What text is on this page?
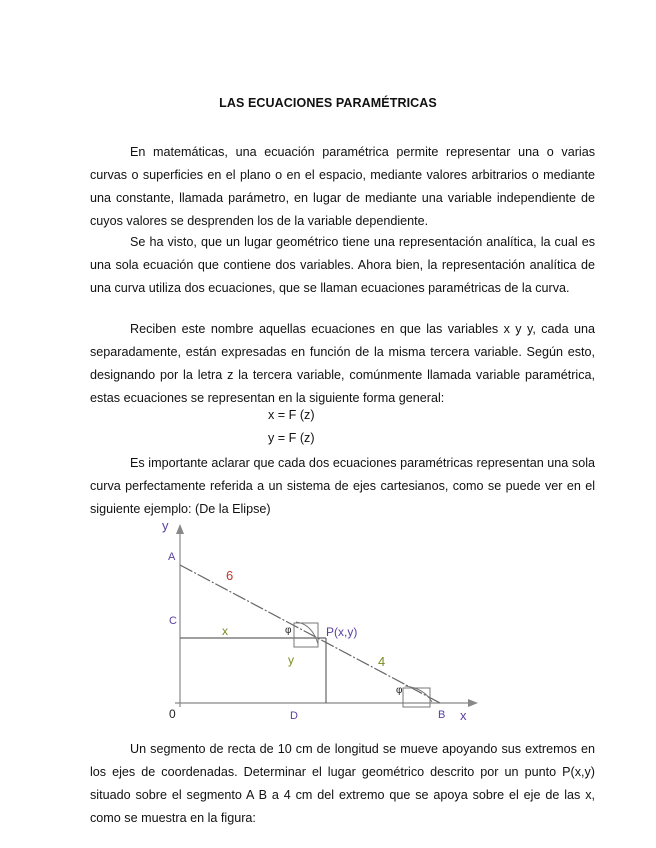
LAS ECUACIONES PARAMÉTRICAS

En matemáticas, una ecuación paramétrica permite representar una o varias curvas o superficies en el plano o en el espacio, mediante valores arbitrarios o mediante una constante, llamada parámetro, en lugar de mediante una variable independiente de cuyos valores se desprenden los de la variable dependiente.

Se ha visto, que un lugar geométrico tiene una representación analítica, la cual es una sola ecuación que contiene dos variables. Ahora bien, la representación analítica de una curva utiliza dos ecuaciones, que se llaman ecuaciones paramétricas de la curva.

Reciben este nombre aquellas ecuaciones en que las variables x y y, cada una separadamente, están expresadas en función de la misma tercera variable. Según esto, designando por la letra z la tercera variable, comúnmente llamada variable paramétrica, estas ecuaciones se representan en la siguiente forma general:

x = F (z)
y = F (z)

Es importante aclarar que cada dos ecuaciones paramétricas representan una sola curva perfectamente referida a un sistema de ejes cartesianos, como se puede ver en el siguiente ejemplo: (De la Elipse)

y
x
A
C
0	D	B
P(x,y)
6
4
x
y
φ
φ

Un segmento de recta de 10 cm de longitud se mueve apoyando sus extremos en los ejes de coordenadas. Determinar el lugar geométrico descrito por un punto P(x,y) situado sobre el segmento A B a 4 cm del extremo que se apoya sobre el eje de las x, como se muestra en la figura:
